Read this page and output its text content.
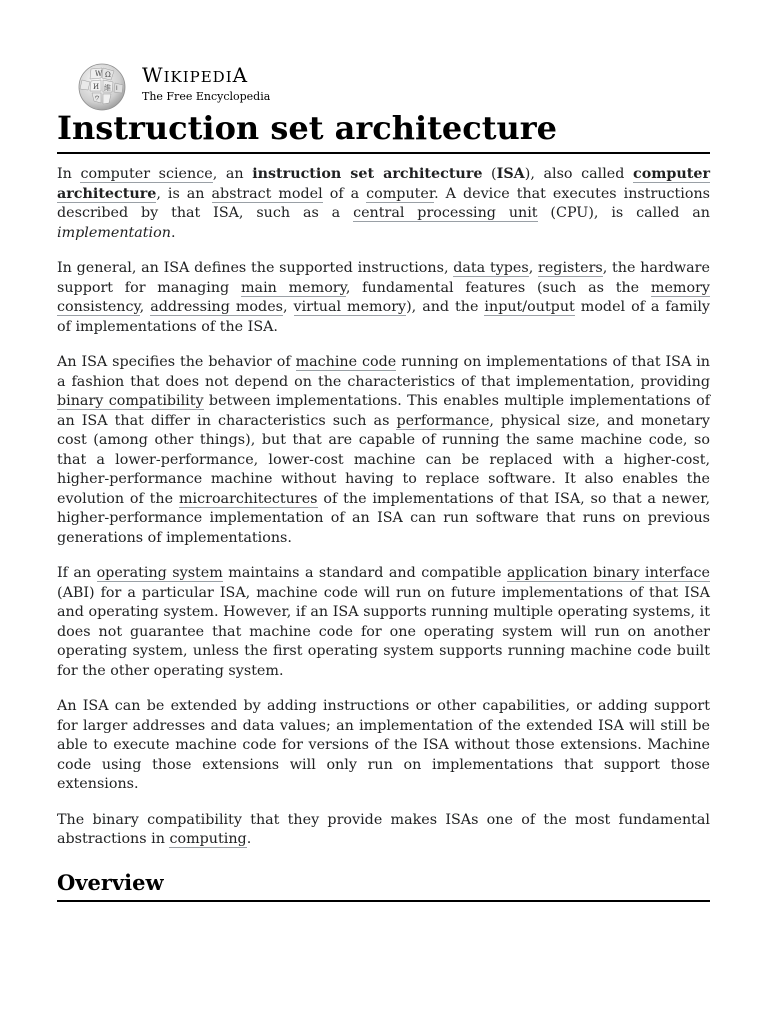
W Ω
И 維
ウ
ا
WIKIPEDIA
The Free Encyclopedia
Instruction set architecture

In computer science, an instruction set architecture (ISA), also called computer architecture, is an abstract model of a computer. A device that executes instructions described by that ISA, such as a central processing unit (CPU), is called an implementation.

In general, an ISA defines the supported instructions, data types, registers, the hardware support for managing main memory, fundamental features (such as the memory consistency, addressing modes, virtual memory), and the input/output model of a family of implementations of the ISA.

An ISA specifies the behavior of machine code running on implementations of that ISA in a fashion that does not depend on the characteristics of that implementation, providing binary compatibility between implementations. This enables multiple implementations of an ISA that differ in characteristics such as performance, physical size, and monetary cost (among other things), but that are capable of running the same machine code, so that a lower-performance, lower-cost machine can be replaced with a higher-cost, higher-performance machine without having to replace software. It also enables the evolution of the microarchitectures of the implementations of that ISA, so that a newer, higher-performance implementation of an ISA can run software that runs on previous generations of implementations.

If an operating system maintains a standard and compatible application binary interface (ABI) for a particular ISA, machine code will run on future implementations of that ISA and operating system. However, if an ISA supports running multiple operating systems, it does not guarantee that machine code for one operating system will run on another operating system, unless the first operating system supports running machine code built for the other operating system.

An ISA can be extended by adding instructions or other capabilities, or adding support for larger addresses and data values; an implementation of the extended ISA will still be able to execute machine code for versions of the ISA without those extensions. Machine code using those extensions will only run on implementations that support those extensions.

The binary compatibility that they provide makes ISAs one of the most fundamental abstractions in computing.

Overview
